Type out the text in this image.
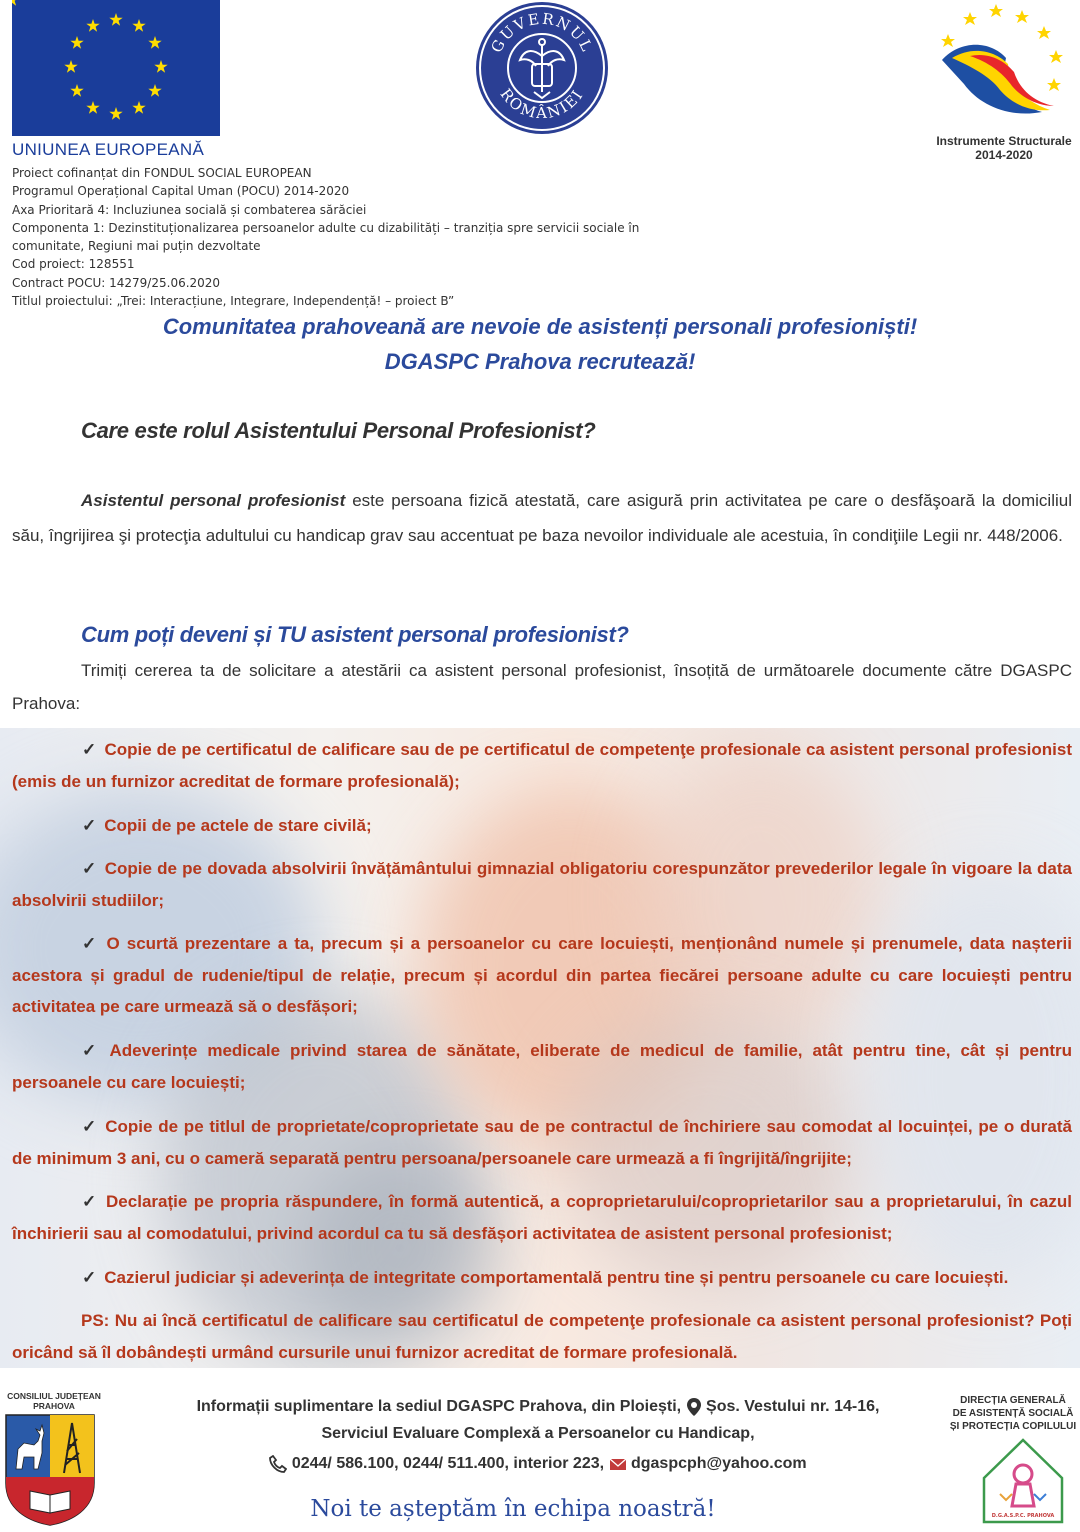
UNIUNEA EUROPEANĂ
Proiect cofinanțat din FONDUL SOCIAL EUROPEAN
Programul Operațional Capital Uman (POCU) 2014-2020
Axa Prioritară 4: Incluziunea socială și combaterea sărăciei
Componenta 1: Dezinstituționalizarea persoanelor adulte cu dizabilități – tranziția spre servicii sociale în
comunitate, Regiuni mai puțin dezvoltate
Cod proiect: 128551
Contract POCU: 14279/25.06.2020
Titlul proiectului: „Trei: Interacțiune, Integrare, Independență! – proiect B”
GUVERNUL
ROMÂNIEI
Instrumente Structurale
2014-2020
Comunitatea prahoveană are nevoie de asistenți personali profesioniști!
DGASPC Prahova recrutează!
Care este rolul Asistentului Personal Profesionist?
Asistentul personal profesionist este persoana fizică atestată, care asigură prin activitatea pe care o desfăşoară la domiciliul său, îngrijirea şi protecţia adultului cu handicap grav sau accentuat pe baza nevoilor individuale ale acestuia, în condiţiile Legii nr. 448/2006.
Cum poți deveni și TU asistent personal profesionist?
Trimiți cererea ta de solicitare a atestării ca asistent personal profesionist, însoțită de următoarele documente către DGASPC Prahova:
✓ Copie de pe certificatul de calificare sau de pe certificatul de competenţe profesionale ca asistent personal profesionist (emis de un furnizor acreditat de formare profesională);
✓ Copii de pe actele de stare civilă;
✓ Copie de pe dovada absolvirii învățământului gimnazial obligatoriu corespunzător prevederilor legale în vigoare la data absolvirii studiilor;
✓ O scurtă prezentare a ta, precum și a persoanelor cu care locuiești, menționând numele și prenumele, data nașterii acestora și gradul de rudenie/tipul de relație, precum și acordul din partea fiecărei persoane adulte cu care locuiești pentru activitatea pe care urmează să o desfășori;
✓ Adeverințe medicale privind starea de sănătate, eliberate de medicul de familie, atât pentru tine, cât și pentru persoanele cu care locuiești;
✓ Copie de pe titlul de proprietate/coproprietate sau de pe contractul de închiriere sau comodat al locuinței, pe o durată de minimum 3 ani, cu o cameră separată pentru persoana/persoanele care urmează a fi îngrijită/îngrijite;
✓ Declarație pe propria răspundere, în formă autentică, a coproprietarului/coproprietarilor sau a proprietarului, în cazul închirierii sau al comodatului, privind acordul ca tu să desfășori activitatea de asistent personal profesionist;
✓ Cazierul judiciar și adeverința de integritate comportamentală pentru tine și pentru persoanele cu care locuiești.
PS: Nu ai încă certificatul de calificare sau certificatul de competenţe profesionale ca asistent personal profesionist? Poți oricând să îl dobândești urmând cursurile unui furnizor acreditat de formare profesională.
CONSILIUL JUDEȚEAN
PRAHOVA	Informații suplimentare la sediul DGASPC Prahova, din Ploiești, Șos. Vestului nr. 14-16,
Serviciul Evaluare Complexă a Persoanelor cu Handicap,
0244/ 586.100, 0244/ 511.400, interior 223, dgaspcph@yahoo.com
Noi te așteptăm în echipa noastră!
DIRECȚIA GENERALĂ
DE ASISTENȚĂ SOCIALĂ
ȘI PROTECȚIA COPILULUI
D.G.A.S.P.C. PRAHOVA
